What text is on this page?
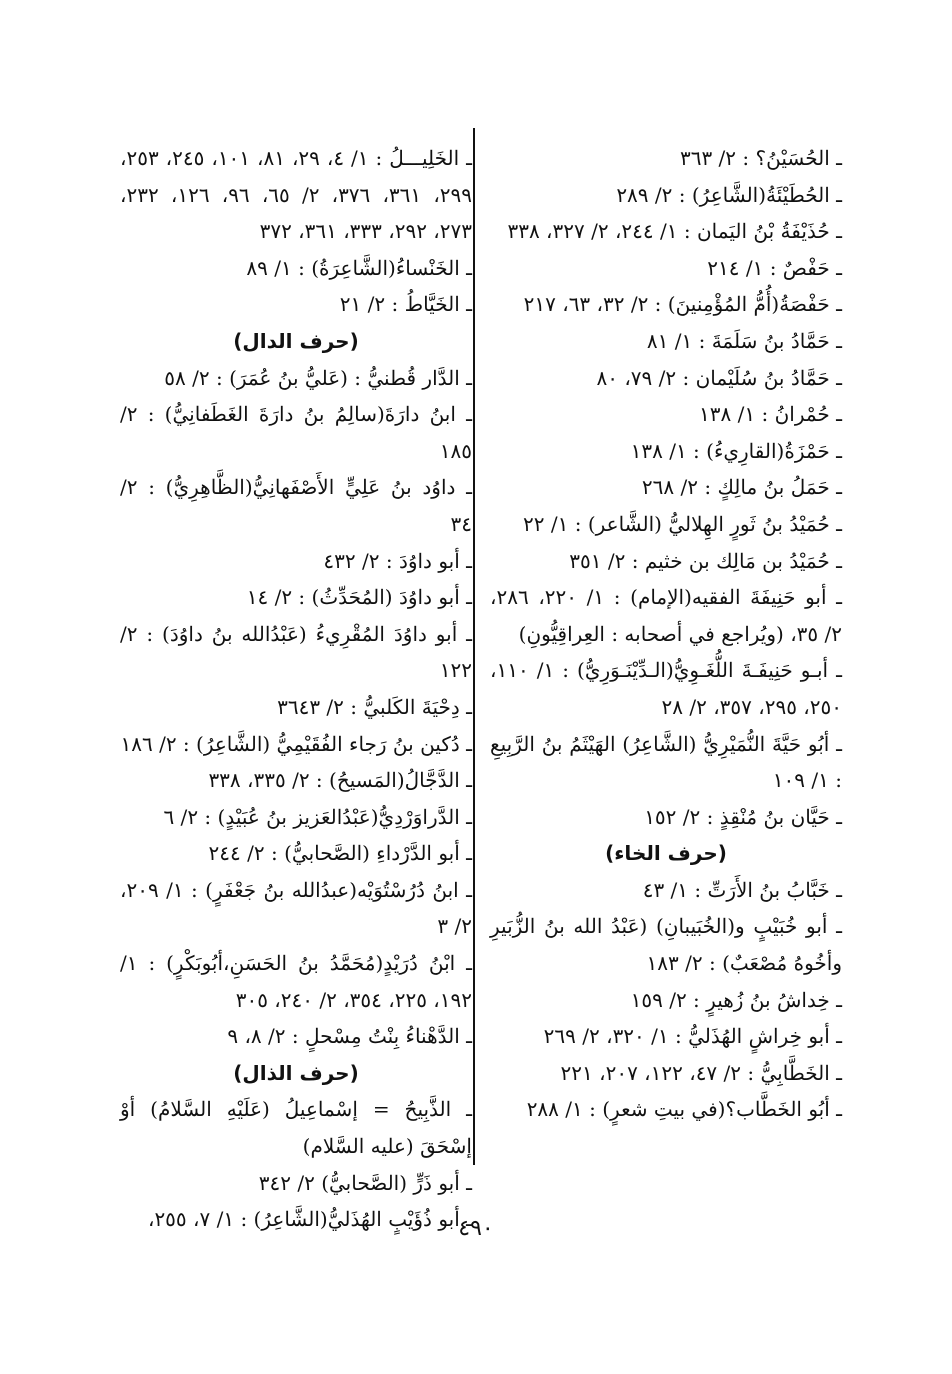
ـ الحُسَيْنُ؟ : ٢/ ٣٦٣

ـ الحُطَيْئَةُ(الشَّاعِرُ) : ٢/ ٢٨٩

ـ حُذَيْفَةُ بْنُ اليَمان : ١/ ٢٤٤، ٢/ ٣٢٧، ٣٣٨

ـ حَفْصٌ : ١/ ٢١٤

ـ حَفْصَةُ(أُمُّ المُؤْمِنينَ) : ٢/ ٣٢، ٦٣، ٢١٧

ـ حَمَّادُ بنُ سَلَمَةَ : ١/ ٨١

ـ حَمَّادُ بنُ سُلَيْمان : ٢/ ٧٩، ٨٠

ـ حُمْرانُ : ١/ ١٣٨

ـ حَمْزَةُ(القارِيءُ) : ١/ ١٣٨

ـ حَمَلُ بنُ مالِكٍ : ٢/ ٢٦٨

ـ حُمَيْدُ بنُ ثَورٍ الهِلاليُّ (الشَّاعر) : ١/ ٢٢

ـ حُمَيْدُ بن مَالِك بن خثيم : ٢/ ٣٥١

ـ أبو حَنِيفَةَ الفقيه(الإمام) : ١/ ٢٢٠، ٢٨٦، ٢/ ٣٥، (ويُراجع في أصحابه : العِراقِيُّونِ)

ـ أبـو حَنِيفَـةَ اللُّغَـوِيُّ(الـدِّيْنَـوَرِيُّ) : ١/ ١١٠، ٢٥٠، ٢٩٥، ٣٥٧، ٢/ ٢٨

ـ أبُو حَيَّةَ النُّمَيْرِيُّ (الشَّاعِرُ) الهَيْثَمُ بنُ الرَّبِيعِ : ١/ ١٠٩

ـ حَيَّان بنُ مُنْقِذٍ : ٢/ ١٥٢

(حرف الخاء)

ـ خَبَّابُ بنُ الأَرَتِّ : ١/ ٤٣

ـ أبو خُبَيْبٍ و(الخُبَيبانِ) (عَبْدُ الله بنُ الزُّبَيرِ وأخُوهُ مُصْعَبٌ) : ٢/ ١٨٣

ـ خِداشُ بنُ زُهيرٍ : ٢/ ١٥٩

ـ أبو خِراشٍ الهُذَليُّ : ١/ ٣٢٠، ٢/ ٢٦٩

ـ الخَطَّابِيُّ : ٢/ ٤٧، ١٢٢، ٢٠٧، ٢٢١

ـ أبُو الخَطَّاب؟(في بيتِ شعرٍ) : ١/ ٢٨٨

ـ الخَلِيـــلُ : ١/ ٤، ٢٩، ٨١، ١٠١، ٢٤٥، ٢٥٣، ٢٩٩، ٣٦١، ٣٧٦، ٢/ ٦٥، ٩٦، ١٢٦، ٢٣٢، ٢٧٣، ٢٩٢، ٣٣٣، ٣٦١، ٣٧٢

ـ الخَنْساءُ(الشَّاعِرَةُ) : ١/ ٨٩

ـ الخَيَّاطُ : ٢/ ٢١

(حرف الدال)

ـ الدَّار قُطنيُّ : (عَليُّ بنُ عُمَرَ) : ٢/ ٥٨

ـ ابنُ دارَةَ(سالِمُ بنُ دارَةَ الغَطَفانِيُّ) : ٢/ ١٨٥

ـ داوُد بنُ عَلِيٍّ الأَصْفَهانِيُّ(الظَّاهِرِيُّ) : ٢/ ٣٤

ـ أبو داوُدَ : ٢/ ٤٣٢

ـ أبو داوُدَ (المُحَدِّثُ) : ٢/ ١٤

ـ أبو داوُدَ المُقْرِيءُ (عَبْدُالله بنُ داوُدَ) : ٢/ ١٢٢

ـ دِحْيَةَ الكَلبيُّ : ٢/ ٣٦٤٣

ـ دُكين بنُ رَجاء الفُقَيْمِيُّ (الشَّاعِرُ) : ٢/ ١٨٦

ـ الدَّجَّالُ(المَسيحُ) : ٢/ ٣٣٥، ٣٣٨

ـ الدَّراوَرْدِيُّ(عَبْدُالعَزيز بنُ عُبَيْدٍ) : ٢/ ٦

ـ أبو الدَّرْداءِ (الصَّحابيُّ) : ٢/ ٢٤٤

ـ ابنُ دُرُسْتُوَيْه(عبدُالله بنُ جَعْفَرٍ) : ١/ ٢٠٩، ٢/ ٣

ـ ابْنُ دُرَيْدٍ(مُحَمَّدُ بنُ الحَسَنِ،أبُوبَكْرٍ) : ١/ ١٩٢، ٢٢٥، ٣٥٤، ٢/ ٢٤٠، ٣٠٥

ـ الدَّهْناءُ بِنْتُ مِسْحلٍ : ٢/ ٨، ٩

(حرف الذال)

ـ الذَّبِيحُ = إسْماعِيلُ (عَلَيْهِ السَّلامُ) أوْ إسْحَقَ (عليه السَّلام)

ـ أبو ذَرٍّ (الصَّحابيُّ) ٢/ ٣٤٢

ـ أبو ذُؤَيْبٍ الهُذَليُّ(الشَّاعِرُ) : ١/ ٧، ٢٥٥،

٤٩٠
